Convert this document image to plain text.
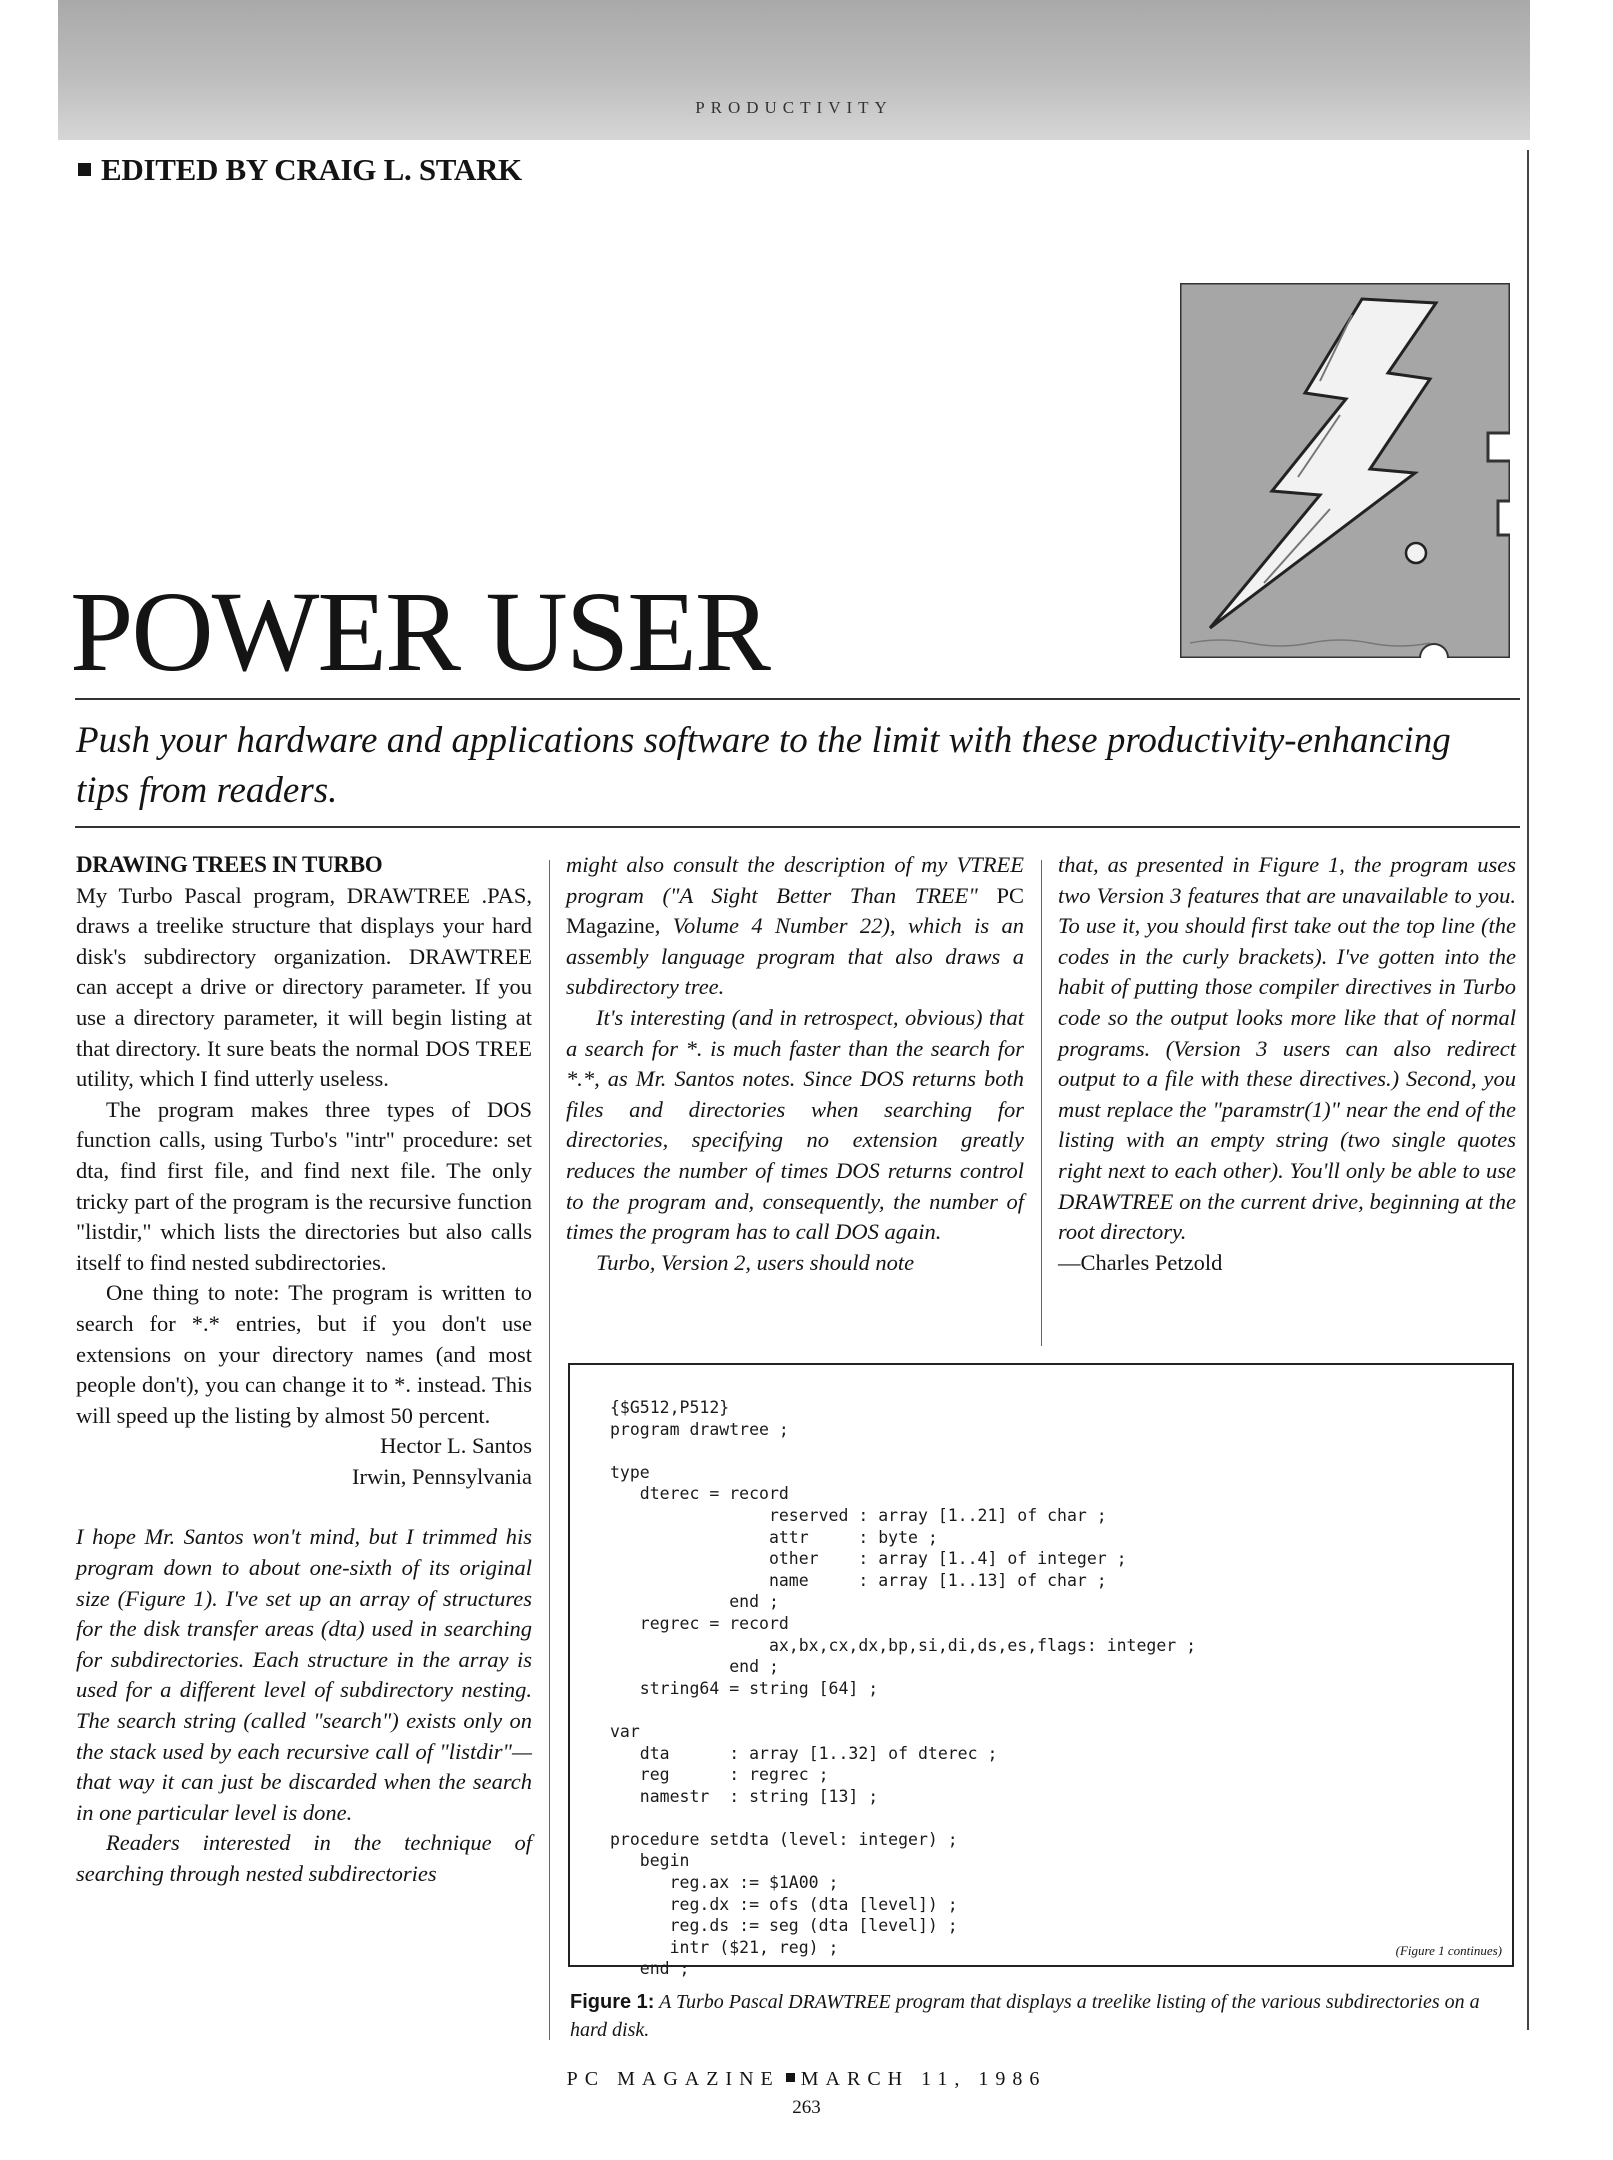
PRODUCTIVITY
EDITED BY CRAIG L. STARK
POWER USER
Push your hardware and applications software to the limit with these productivity-enhancing tips from readers.

DRAWING TREES IN TURBO

My Turbo Pascal program, DRAWTREE .PAS, draws a treelike structure that displays your hard disk's subdirectory organization. DRAWTREE can accept a drive or directory parameter. If you use a directory parameter, it will begin listing at that directory. It sure beats the normal DOS TREE utility, which I find utterly useless.

The program makes three types of DOS function calls, using Turbo's "intr" procedure: set dta, find first file, and find next file. The only tricky part of the program is the recursive function "listdir," which lists the directories but also calls itself to find nested subdirectories.

One thing to note: The program is written to search for *.* entries, but if you don't use extensions on your directory names (and most people don't), you can change it to *. instead. This will speed up the listing by almost 50 percent.

Hector L. Santos
Irwin, Pennsylvania

I hope Mr. Santos won't mind, but I trimmed his program down to about one-sixth of its original size (Figure 1). I've set up an array of structures for the disk transfer areas (dta) used in searching for subdirectories. Each structure in the array is used for a different level of subdirectory nesting. The search string (called "search") exists only on the stack used by each recursive call of "listdir"—that way it can just be discarded when the search in one particular level is done.

Readers interested in the technique of searching through nested subdirectories

might also consult the description of my VTREE program ("A Sight Better Than TREE" PC Magazine, Volume 4 Number 22), which is an assembly language program that also draws a subdirectory tree.

It's interesting (and in retrospect, obvious) that a search for *. is much faster than the search for *.*, as Mr. Santos notes. Since DOS returns both files and directories when searching for directories, specifying no extension greatly reduces the number of times DOS returns control to the program and, consequently, the number of times the program has to call DOS again.

Turbo, Version 2, users should note

that, as presented in Figure 1, the program uses two Version 3 features that are unavailable to you. To use it, you should first take out the top line (the codes in the curly brackets). I've gotten into the habit of putting those compiler directives in Turbo code so the output looks more like that of normal programs. (Version 3 users can also redirect output to a file with these directives.) Second, you must replace the "paramstr(1)" near the end of the listing with an empty string (two single quotes right next to each other). You'll only be able to use DRAWTREE on the current drive, beginning at the root directory.

—Charles Petzold

{$G512,P512}
program drawtree ;

type
dterec = record
reserved : array [1..21] of char ;
attr     : byte ;
other    : array [1..4] of integer ;
name     : array [1..13] of char ;
end ;
regrec = record
ax,bx,cx,dx,bp,si,di,ds,es,flags: integer ;
end ;
string64 = string [64] ;

var
dta      : array [1..32] of dterec ;
reg      : regrec ;
namestr  : string [13] ;

procedure setdta (level: integer) ;
begin
reg.ax := $1A00 ;
reg.dx := ofs (dta [level]) ;
reg.ds := seg (dta [level]) ;
intr ($21, reg) ;
end ;
(Figure 1 continues)
Figure 1: A Turbo Pascal DRAWTREE program that displays a treelike listing of the various subdirectories on a hard disk.
PC MAGAZINE MARCH 11, 1986
263
